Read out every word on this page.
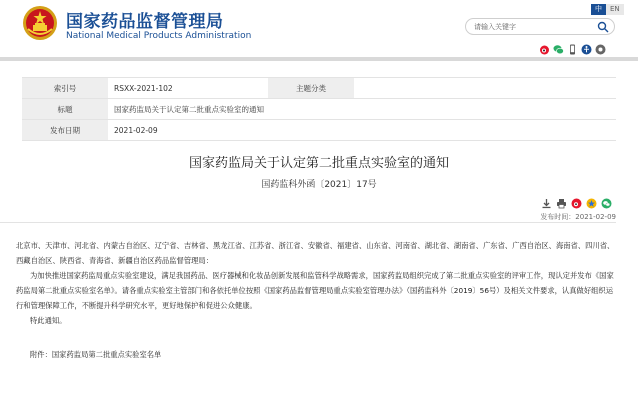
国家药品监督管理局
National Medical Products Administration
中	EN
请输入关键字
索引号	RSXX-2021-102	主题分类	
标题	国家药监局关于认定第二批重点实验室的通知		
发布日期	2021-02-09		
国家药监局关于认定第二批重点实验室的通知
国药监科外函〔2021〕17号
发布时间：2021-02-09

北京市、天津市、河北省、内蒙古自治区、辽宁省、吉林省、黑龙江省、江苏省、浙江省、安徽省、福建省、山东省、河南省、湖北省、湖南省、广东省、广西自治区、海南省、四川省、西藏自治区、陕西省、青海省、新疆自治区药品监督管理局：

为加快推进国家药监局重点实验室建设，满足我国药品、医疗器械和化妆品创新发展和监管科学战略需求，国家药监局组织完成了第二批重点实验室的评审工作，现认定并发布《国家药监局第二批重点实验室名单》。请各重点实验室主管部门和各依托单位按照《国家药品监督管理局重点实验室管理办法》（国药监科外〔2019〕56号）及相关文件要求，认真做好组织运行和管理保障工作，不断提升科学研究水平，更好地保护和促进公众健康。

特此通知。

附件：国家药监局第二批重点实验室名单
